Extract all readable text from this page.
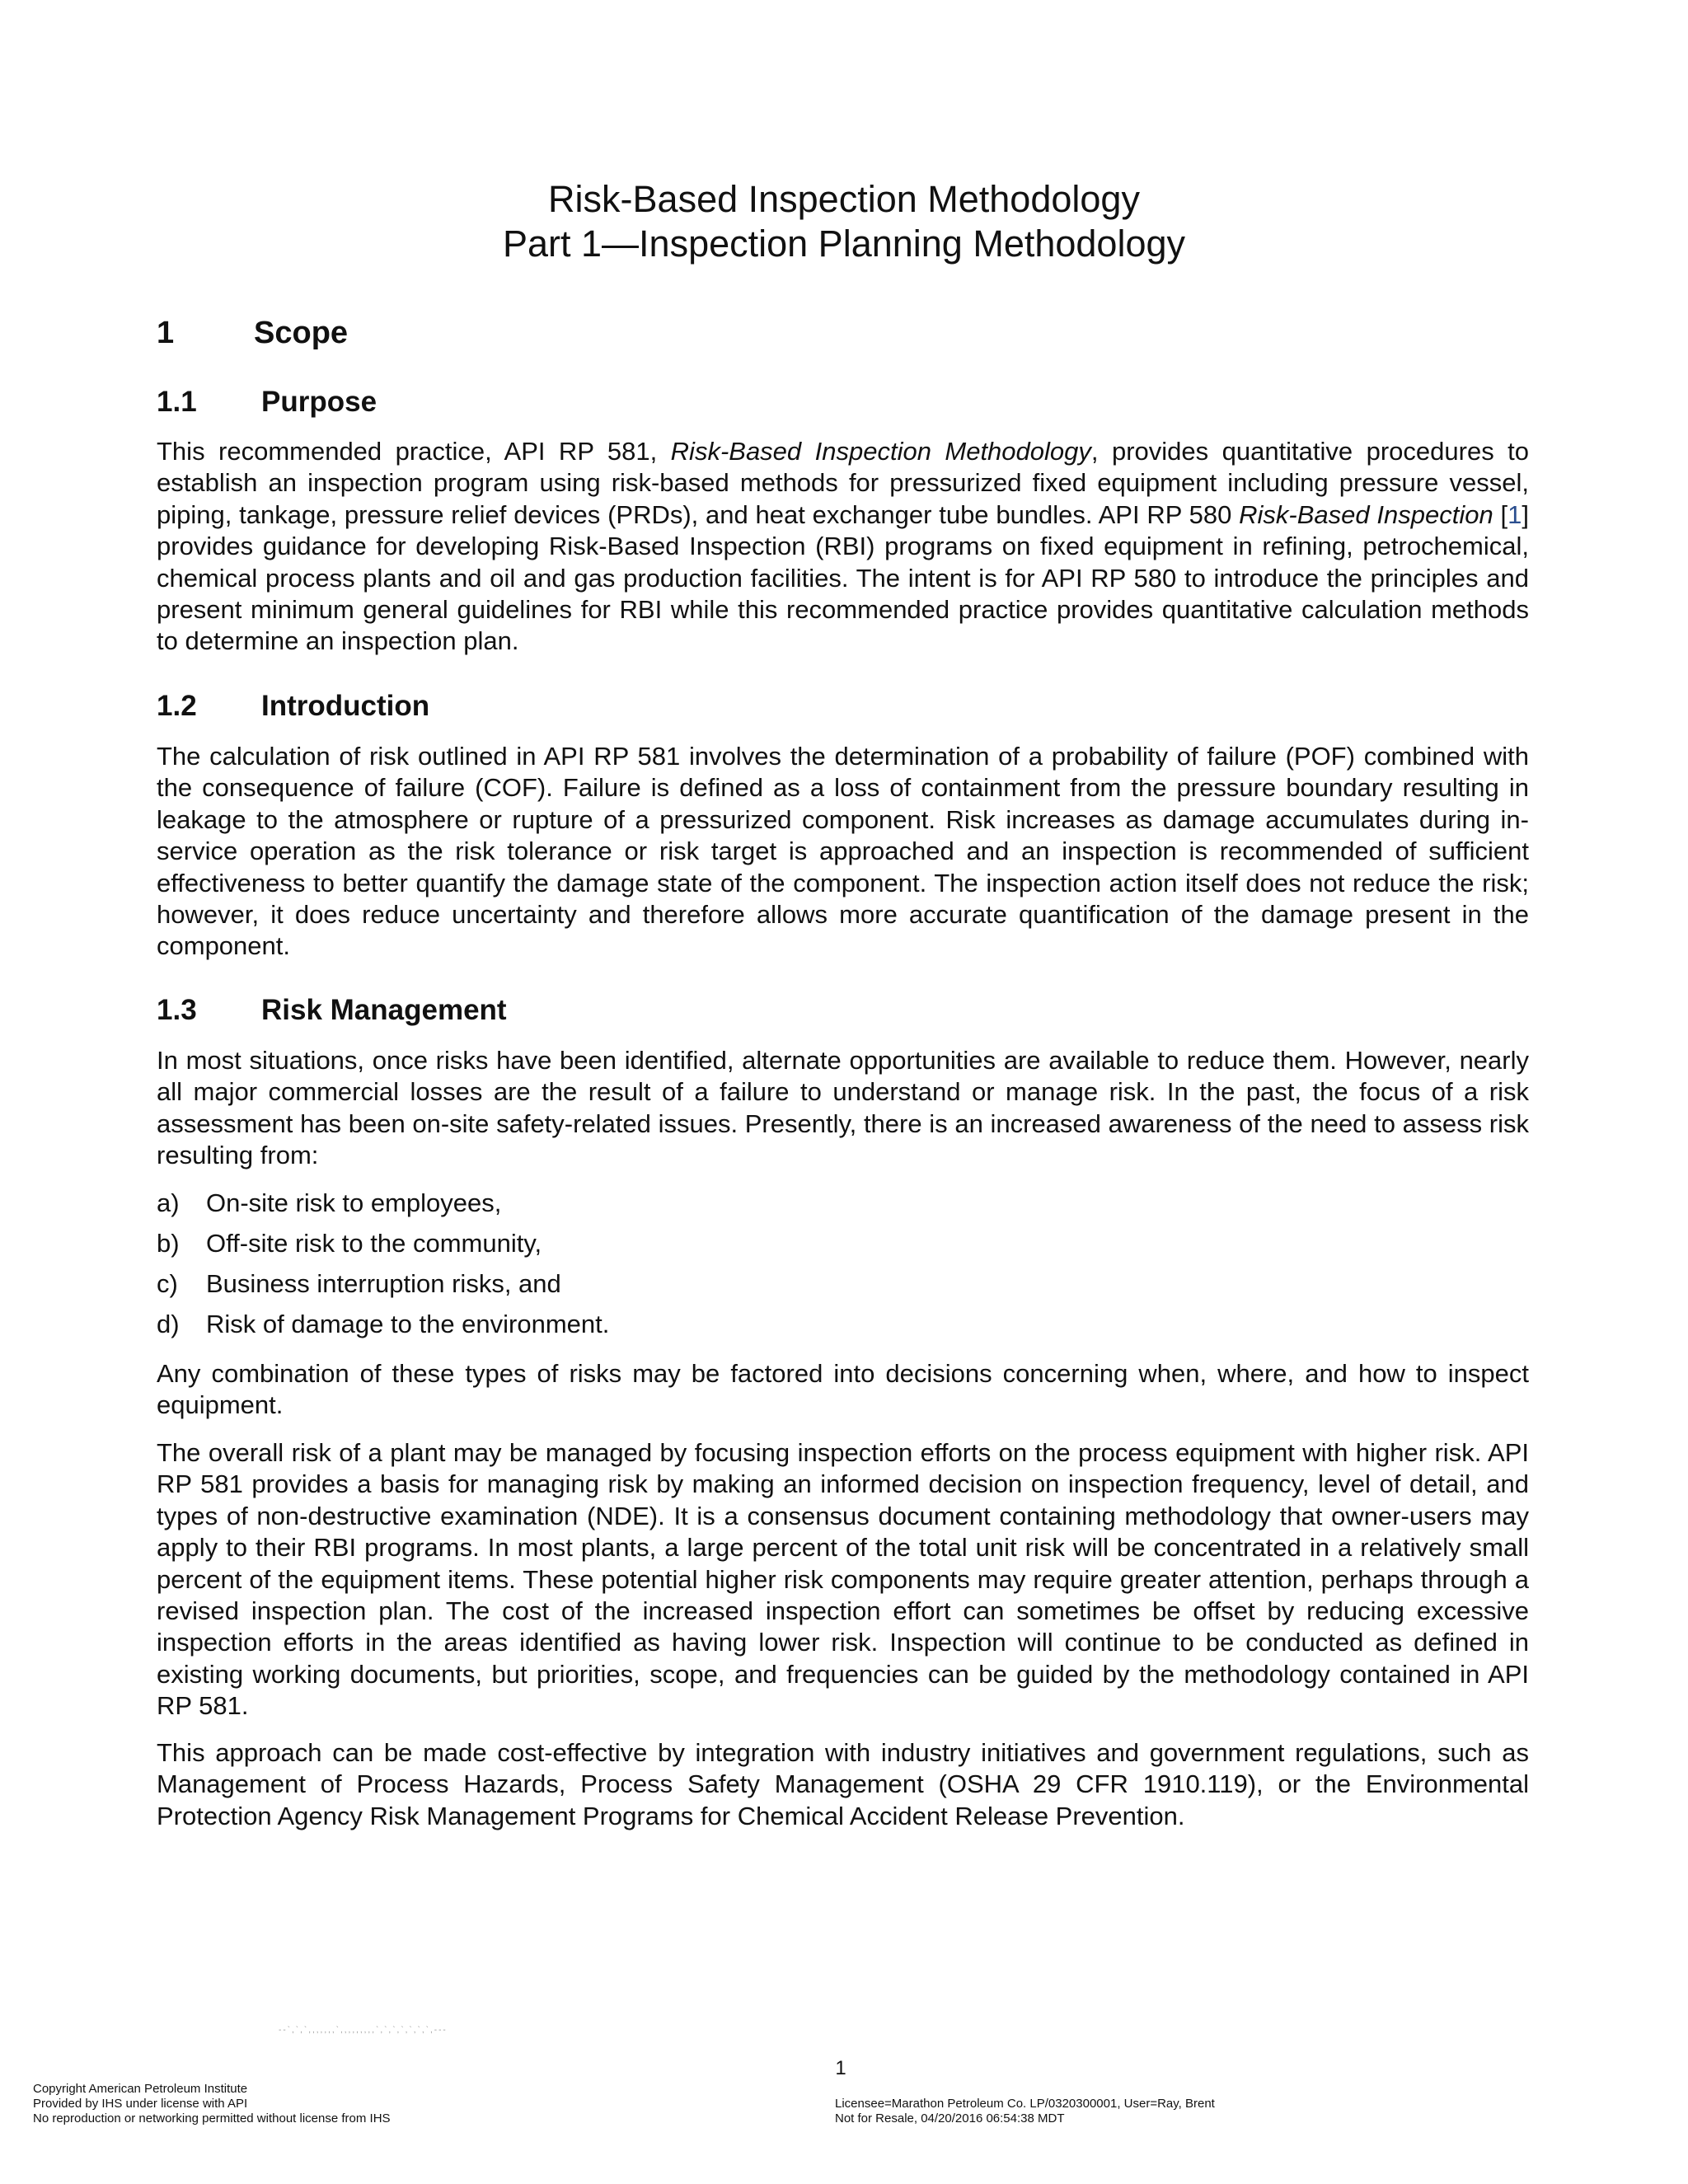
Risk-Based Inspection Methodology
Part 1—Inspection Planning Methodology
1	Scope
1.1 Purpose
This recommended practice, API RP 581, Risk-Based Inspection Methodology, provides quantitative procedures to establish an inspection program using risk-based methods for pressurized fixed equipment including pressure vessel, piping, tankage, pressure relief devices (PRDs), and heat exchanger tube bundles. API RP 580 Risk-Based Inspection [1] provides guidance for developing Risk-Based Inspection (RBI) programs on fixed equipment in refining, petrochemical, chemical process plants and oil and gas production facilities. The intent is for API RP 580 to introduce the principles and present minimum general guidelines for RBI while this recommended practice provides quantitative calculation methods to determine an inspection plan.
1.2 Introduction
The calculation of risk outlined in API RP 581 involves the determination of a probability of failure (POF) combined with the consequence of failure (COF). Failure is defined as a loss of containment from the pressure boundary resulting in leakage to the atmosphere or rupture of a pressurized component. Risk increases as damage accumulates during in-service operation as the risk tolerance or risk target is approached and an inspection is recommended of sufficient effectiveness to better quantify the damage state of the component. The inspection action itself does not reduce the risk; however, it does reduce uncertainty and therefore allows more accurate quantification of the damage present in the component.
1.3 Risk Management
In most situations, once risks have been identified, alternate opportunities are available to reduce them. However, nearly all major commercial losses are the result of a failure to understand or manage risk. In the past, the focus of a risk assessment has been on-site safety-related issues. Presently, there is an increased awareness of the need to assess risk resulting from:
a) On-site risk to employees,
b) Off-site risk to the community,
c) Business interruption risks, and
d) Risk of damage to the environment.
Any combination of these types of risks may be factored into decisions concerning when, where, and how to inspect equipment.
The overall risk of a plant may be managed by focusing inspection efforts on the process equipment with higher risk. API RP 581 provides a basis for managing risk by making an informed decision on inspection frequency, level of detail, and types of non-destructive examination (NDE). It is a consensus document containing methodology that owner-users may apply to their RBI programs. In most plants, a large percent of the total unit risk will be concentrated in a relatively small percent of the equipment items. These potential higher risk components may require greater attention, perhaps through a revised inspection plan. The cost of the increased inspection effort can sometimes be offset by reducing excessive inspection efforts in the areas identified as having lower risk. Inspection will continue to be conducted as defined in existing working documents, but priorities, scope, and frequencies can be guided by the methodology contained in API RP 581.
This approach can be made cost-effective by integration with industry initiatives and government regulations, such as Management of Process Hazards, Process Safety Management (OSHA 29 CFR 1910.119), or the Environmental Protection Agency Risk Management Programs for Chemical Accident Release Prevention.
--`,`,`,,,,,,,`,,,,,,,,,`,`,`,`,`,`,`,---
1
Copyright American Petroleum Institute
Provided by IHS under license with API
No reproduction or networking permitted without license from IHS
Licensee=Marathon Petroleum Co. LP/0320300001, User=Ray, Brent
Not for Resale, 04/20/2016 06:54:38 MDT
